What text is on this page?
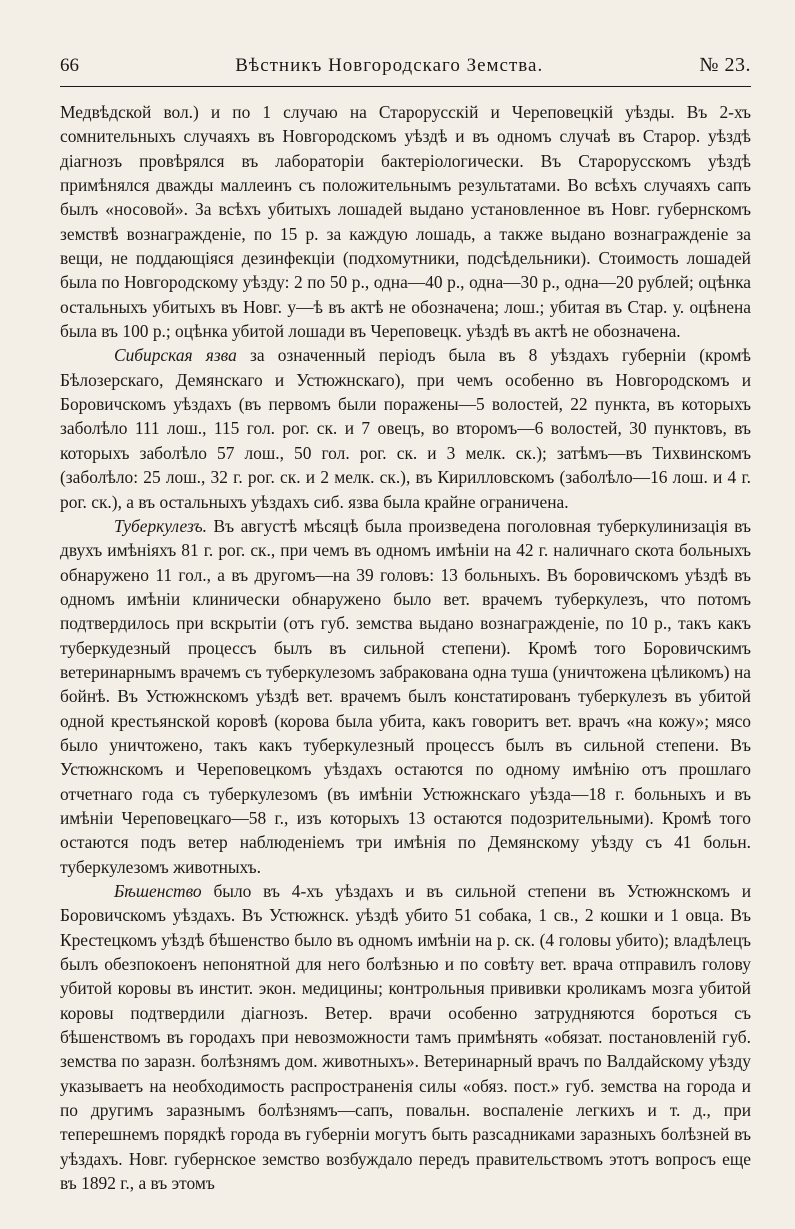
66	Вѣстникъ Новгородскаго Земства.	№ 23.

Медвѣдской вол.) и по 1 случаю на Старорусскій и Череповецкій уѣзды. Въ 2-хъ сомнительныхъ случаяхъ въ Новгородскомъ уѣздѣ и въ одномъ случаѣ въ Старор. уѣздѣ діагнозъ провѣрялся въ лабораторіи бактеріологически. Въ Старорусскомъ уѣздѣ примѣнялся дважды маллеинъ съ положительнымъ результатами. Во всѣхъ случаяхъ сапъ былъ «носовой». За всѣхъ убитыхъ лошадей выдано установленное въ Новг. губернскомъ земствѣ вознагражденіе, по 15 р. за каждую лошадь, а также выдано вознагражденіе за вещи, не поддающіяся дезинфекціи (подхомутники, подсѣдельники). Стоимость лошадей была по Новгородскому уѣзду: 2 по 50 р., одна—40 р., одна—30 р., одна—20 рублей; оцѣнка остальныхъ убитыхъ въ Новг. у—ѣ въ актѣ не обозначена; лош.; убитая въ Стар. у. оцѣнена была въ 100 р.; оцѣнка убитой лошади въ Череповецк. уѣздѣ въ актѣ не обозначена.

Сибирская язва за означенный періодъ была въ 8 уѣздахъ губерніи (кромѣ Бѣлозерскаго, Демянскаго и Устюжнскаго), при чемъ особенно въ Новгородскомъ и Боровичскомъ уѣздахъ (въ первомъ были поражены—5 волостей, 22 пункта, въ которыхъ заболѣло 111 лош., 115 гол. рог. ск. и 7 овецъ, во второмъ—6 волостей, 30 пунктовъ, въ которыхъ заболѣло 57 лош., 50 гол. рог. ск. и 3 мелк. ск.); затѣмъ—въ Тихвинскомъ (заболѣло: 25 лош., 32 г. рог. ск. и 2 мелк. ск.), въ Кирилловскомъ (заболѣло—16 лош. и 4 г. рог. ск.), а въ остальныхъ уѣздахъ сиб. язва была крайне ограничена.

Туберкулезъ. Въ августѣ мѣсяцѣ была произведена поголовная туберкулинизація въ двухъ имѣніяхъ 81 г. рог. ск., при чемъ въ одномъ имѣніи на 42 г. наличнаго скота больныхъ обнаружено 11 гол., а въ другомъ—на 39 головъ: 13 больныхъ. Въ боровичскомъ уѣздѣ въ одномъ имѣніи клинически обнаружено было вет. врачемъ туберкулезъ, что потомъ подтвердилось при вскрытіи (отъ губ. земства выдано вознагражденіе, по 10 р., такъ какъ туберкудезный процессъ былъ въ сильной степени). Кромѣ того Боровичскимъ ветеринарнымъ врачемъ съ туберкулезомъ забракована одна туша (уничтожена цѣликомъ) на бойнѣ. Въ Устюжнскомъ уѣздѣ вет. врачемъ былъ констатированъ туберкулезъ въ убитой одной крестьянской коровѣ (корова была убита, какъ говоритъ вет. врачъ «на кожу»; мясо было уничтожено, такъ какъ туберкулезный процессъ былъ въ сильной степени. Въ Устюжнскомъ и Череповецкомъ уѣздахъ остаются по одному имѣнію отъ прошлаго отчетнаго года съ туберкулезомъ (въ имѣніи Устюжнскаго уѣзда—18 г. больныхъ и въ имѣніи Череповецкаго—58 г., изъ которыхъ 13 остаются подозрительными). Кромѣ того остаются подъ ветер наблюденіемъ три имѣнія по Демянскому уѣзду съ 41 больн. туберкулезомъ животныхъ.

Бѣшенство было въ 4-хъ уѣздахъ и въ сильной степени въ Устюжнскомъ и Боровичскомъ уѣздахъ. Въ Устюжнск. уѣздѣ убито 51 собака, 1 св., 2 кошки и 1 овца. Въ Крестецкомъ уѣздѣ бѣшенство было въ одномъ имѣніи на р. ск. (4 головы убито); владѣлецъ былъ обезпокоенъ непонятной для него болѣзнью и по совѣту вет. врача отправилъ голову убитой коровы въ инстит. экон. медицины; контрольныя прививки кроликамъ мозга убитой коровы подтвердили діагнозъ. Ветер. врачи особенно затрудняются бороться съ бѣшенствомъ въ городахъ при невозможности тамъ примѣнять «обязат. постановленій губ. земства по заразн. болѣзнямъ дом. животныхъ». Ветеринарный врачъ по Валдайскому уѣзду указываетъ на необходимость распространенія силы «обяз. пост.» губ. земства на города и по другимъ заразнымъ болѣзнямъ—сапъ, повальн. воспаленіе легкихъ и т. д., при теперешнемъ порядкѣ города въ губерніи могутъ быть разсадниками заразныхъ болѣзней въ уѣздахъ. Новг. губернское земство возбуждало передъ правительствомъ этотъ вопросъ еще въ 1892 г., а въ этомъ
